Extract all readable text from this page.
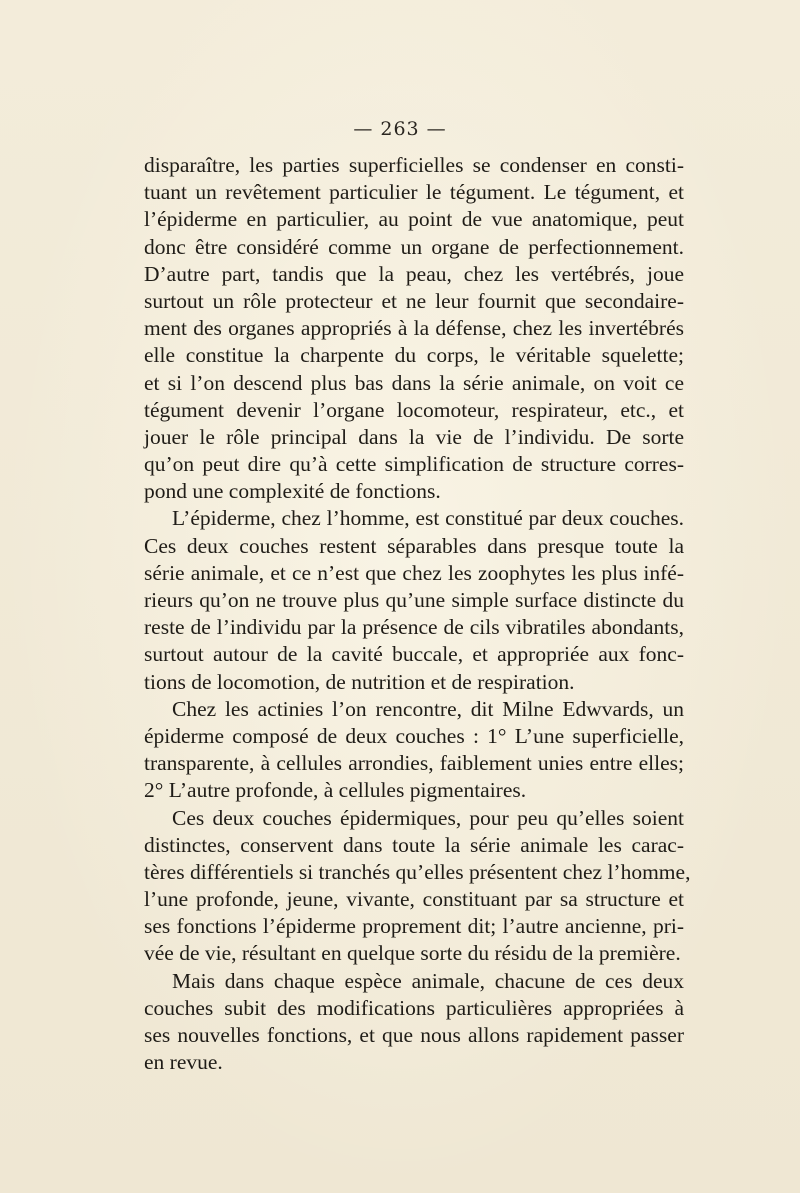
— 263 —
disparaître, les parties superficielles se condenser en consti-
tuant un revêtement particulier le tégument. Le tégument, et
l’épiderme en particulier, au point de vue anatomique, peut
donc être considéré comme un organe de perfectionnement.
D’autre part, tandis que la peau, chez les vertébrés, joue
surtout un rôle protecteur et ne leur fournit que secondaire-
ment des organes appropriés à la défense, chez les invertébrés
elle constitue la charpente du corps, le véritable squelette;
et si l’on descend plus bas dans la série animale, on voit ce
tégument devenir l’organe locomoteur, respirateur, etc., et
jouer le rôle principal dans la vie de l’individu. De sorte
qu’on peut dire qu’à cette simplification de structure corres-
pond une complexité de fonctions.
L’épiderme, chez l’homme, est constitué par deux couches.
Ces deux couches restent séparables dans presque toute la
série animale, et ce n’est que chez les zoophytes les plus infé-
rieurs qu’on ne trouve plus qu’une simple surface distincte du
reste de l’individu par la présence de cils vibratiles abondants,
surtout autour de la cavité buccale, et appropriée aux fonc-
tions de locomotion, de nutrition et de respiration.
Chez les actinies l’on rencontre, dit Milne Edwvards, un
épiderme composé de deux couches : 1° L’une superficielle,
transparente, à cellules arrondies, faiblement unies entre elles;
2° L’autre profonde, à cellules pigmentaires.
Ces deux couches épidermiques, pour peu qu’elles soient
distinctes, conservent dans toute la série animale les carac-
tères différentiels si tranchés qu’elles présentent chez l’homme,
l’une profonde, jeune, vivante, constituant par sa structure et
ses fonctions l’épiderme proprement dit; l’autre ancienne, pri-
vée de vie, résultant en quelque sorte du résidu de la première.
Mais dans chaque espèce animale, chacune de ces deux
couches subit des modifications particulières appropriées à
ses nouvelles fonctions, et que nous allons rapidement passer
en revue.
